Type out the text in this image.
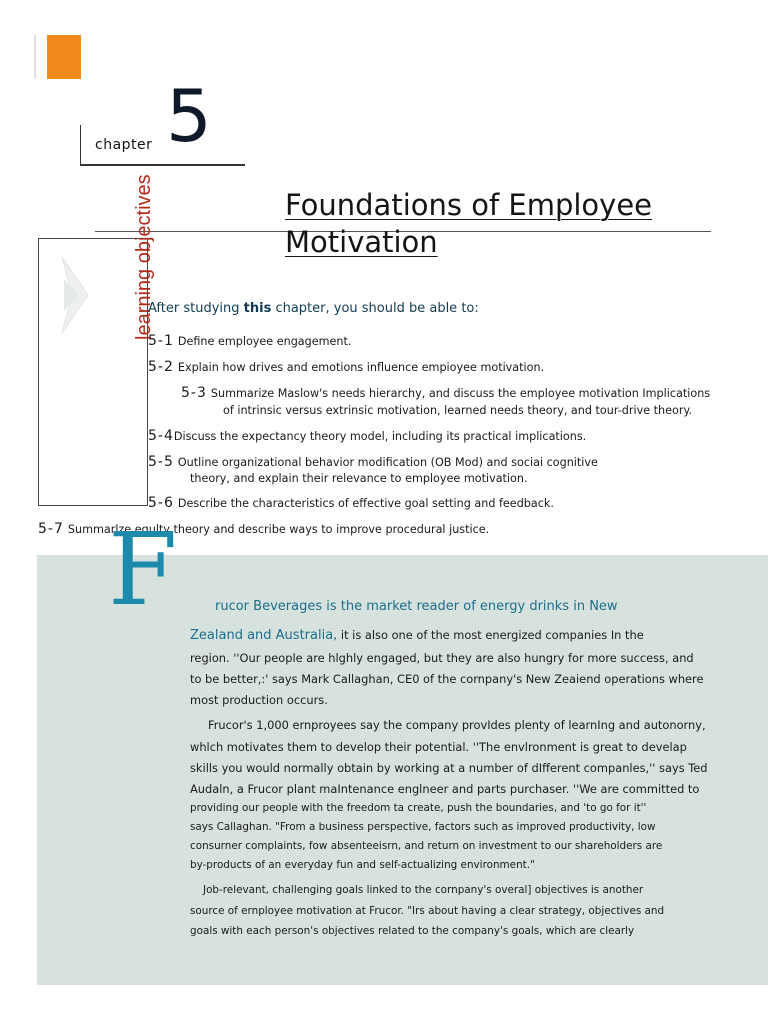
chapter 5
Foundations of Employee
Motivation
learning objectives
After studying this chapter, you should be able to:
5-1 Define employee engagement.
5-2 Explain how drives and emotions influence empioyee motivation.
5-3 Summarize Maslow's needs hierarchy, and discuss the employee motivation Implications
of intrinsic versus extrinsic motivation, learned needs theory, and tour-drive theory.
5-4Discuss the expectancy theory model, including its practical implications.
5-5 Outline organizational behavior modification (OB Mod) and sociai cognitive
theory, and explain their relevance to employee motivation.
5-6 Describe the characteristics of effective goal setting and feedback.
5-7 Summarlze equlty theory and describe ways to improve procedural justice.
F	rucor Beverages is the market reader of energy drinks in New
Zealand and Australia, it is also one of the most energized companies In the
region. ''Our people are hlghly engaged, but they are also hungry for more success, and
to be better,:' says Mark Callaghan, CE0 of the cornpany's New Zeaiend operations where
most production occurs.
Frucor's 1,000 ernproyees say the company provIdes plenty of learnIng and autonorny,
whlch motivates them to develop their potential. ''The envlronment is great to develap
skills you would normally obtain by working at a number of dIfferent companles,'' says Ted
Audaln, a Frucor plant maIntenance englneer and parts purchaser. ''We are committed to
providing our people with the freedom ta create, push the boundaries, and 'to go for it''
says Callaghan. "From a business perspective, factors such as improved productivity, low
consurner complaints, fow absenteeisrn, and return on investment to our shareholders are
by-products of an everyday fun and self-actualizing environment."
Job-relevant, challenging goals linked to the cornpany's overal] objectives is another
source of ernployee motivation at Frucor. "Irs about having a clear strategy, objectives and
goals with each person's objectives related to the company's goals, which are clearly
